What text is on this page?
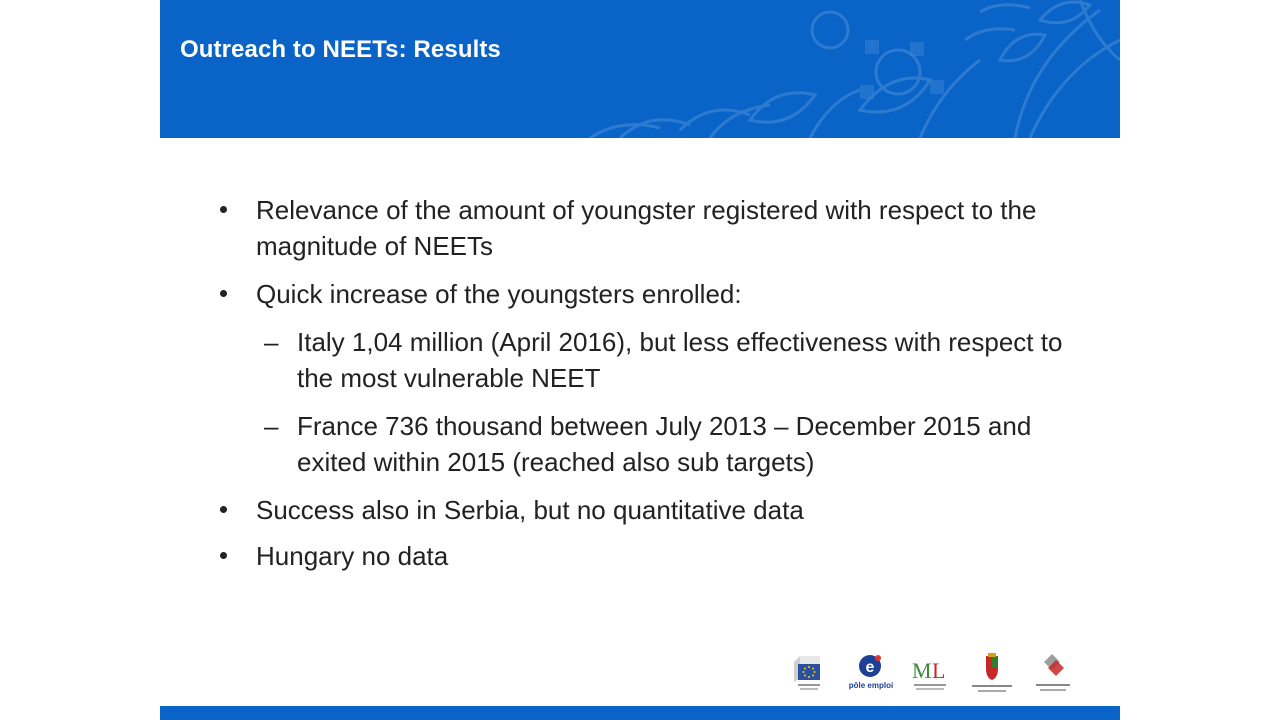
Outreach to NEETs: Results
Relevance of the amount of youngster registered with respect to the magnitude of NEETs
Quick increase of the youngsters enrolled:
– Italy 1,04 million (April 2016), but less effectiveness with respect to the most vulnerable NEET
– France 736 thousand between July 2013 – December 2015 and exited within 2015 (reached also sub targets)
Success also in Serbia, but no quantitative data
Hungary no data
e
pôle emploi
M L
